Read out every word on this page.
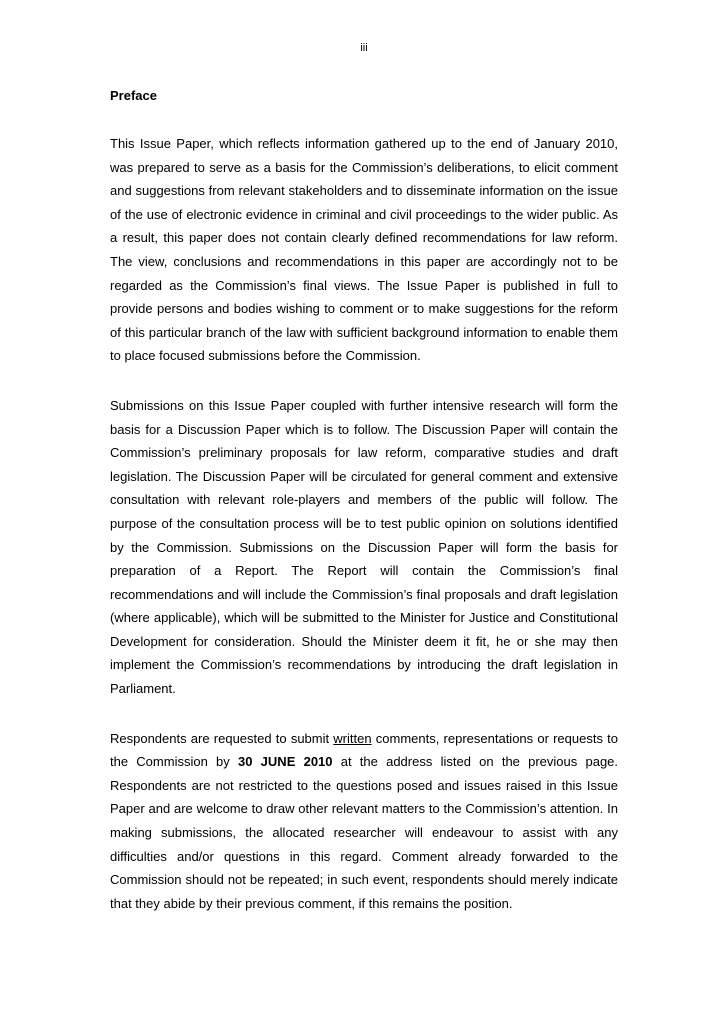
iii
Preface

This Issue Paper, which reflects information gathered up to the end of January 2010, was prepared to serve as a basis for the Commission’s deliberations, to elicit comment and suggestions from relevant stakeholders and to disseminate information on the issue of the use of electronic evidence in criminal and civil proceedings to the wider public. As a result, this paper does not contain clearly defined recommendations for law reform. The view, conclusions and recommendations in this paper are accordingly not to be regarded as the Commission’s final views. The Issue Paper is published in full to provide persons and bodies wishing to comment or to make suggestions for the reform of this particular branch of the law with sufficient background information to enable them to place focused submissions before the Commission.

Submissions on this Issue Paper coupled with further intensive research will form the basis for a Discussion Paper which is to follow. The Discussion Paper will contain the Commission’s preliminary proposals for law reform, comparative studies and draft legislation. The Discussion Paper will be circulated for general comment and extensive consultation with relevant role-players and members of the public will follow. The purpose of the consultation process will be to test public opinion on solutions identified by the Commission. Submissions on the Discussion Paper will form the basis for preparation of a Report. The Report will contain the Commission’s final recommendations and will include the Commission’s final proposals and draft legislation (where applicable), which will be submitted to the Minister for Justice and Constitutional Development for consideration. Should the Minister deem it fit, he or she may then implement the Commission’s recommendations by introducing the draft legislation in Parliament.

Respondents are requested to submit written comments, representations or requests to the Commission by 30 JUNE 2010 at the address listed on the previous page. Respondents are not restricted to the questions posed and issues raised in this Issue Paper and are welcome to draw other relevant matters to the Commission’s attention. In making submissions, the allocated researcher will endeavour to assist with any difficulties and/or questions in this regard. Comment already forwarded to the Commission should not be repeated; in such event, respondents should merely indicate that they abide by their previous comment, if this remains the position.
